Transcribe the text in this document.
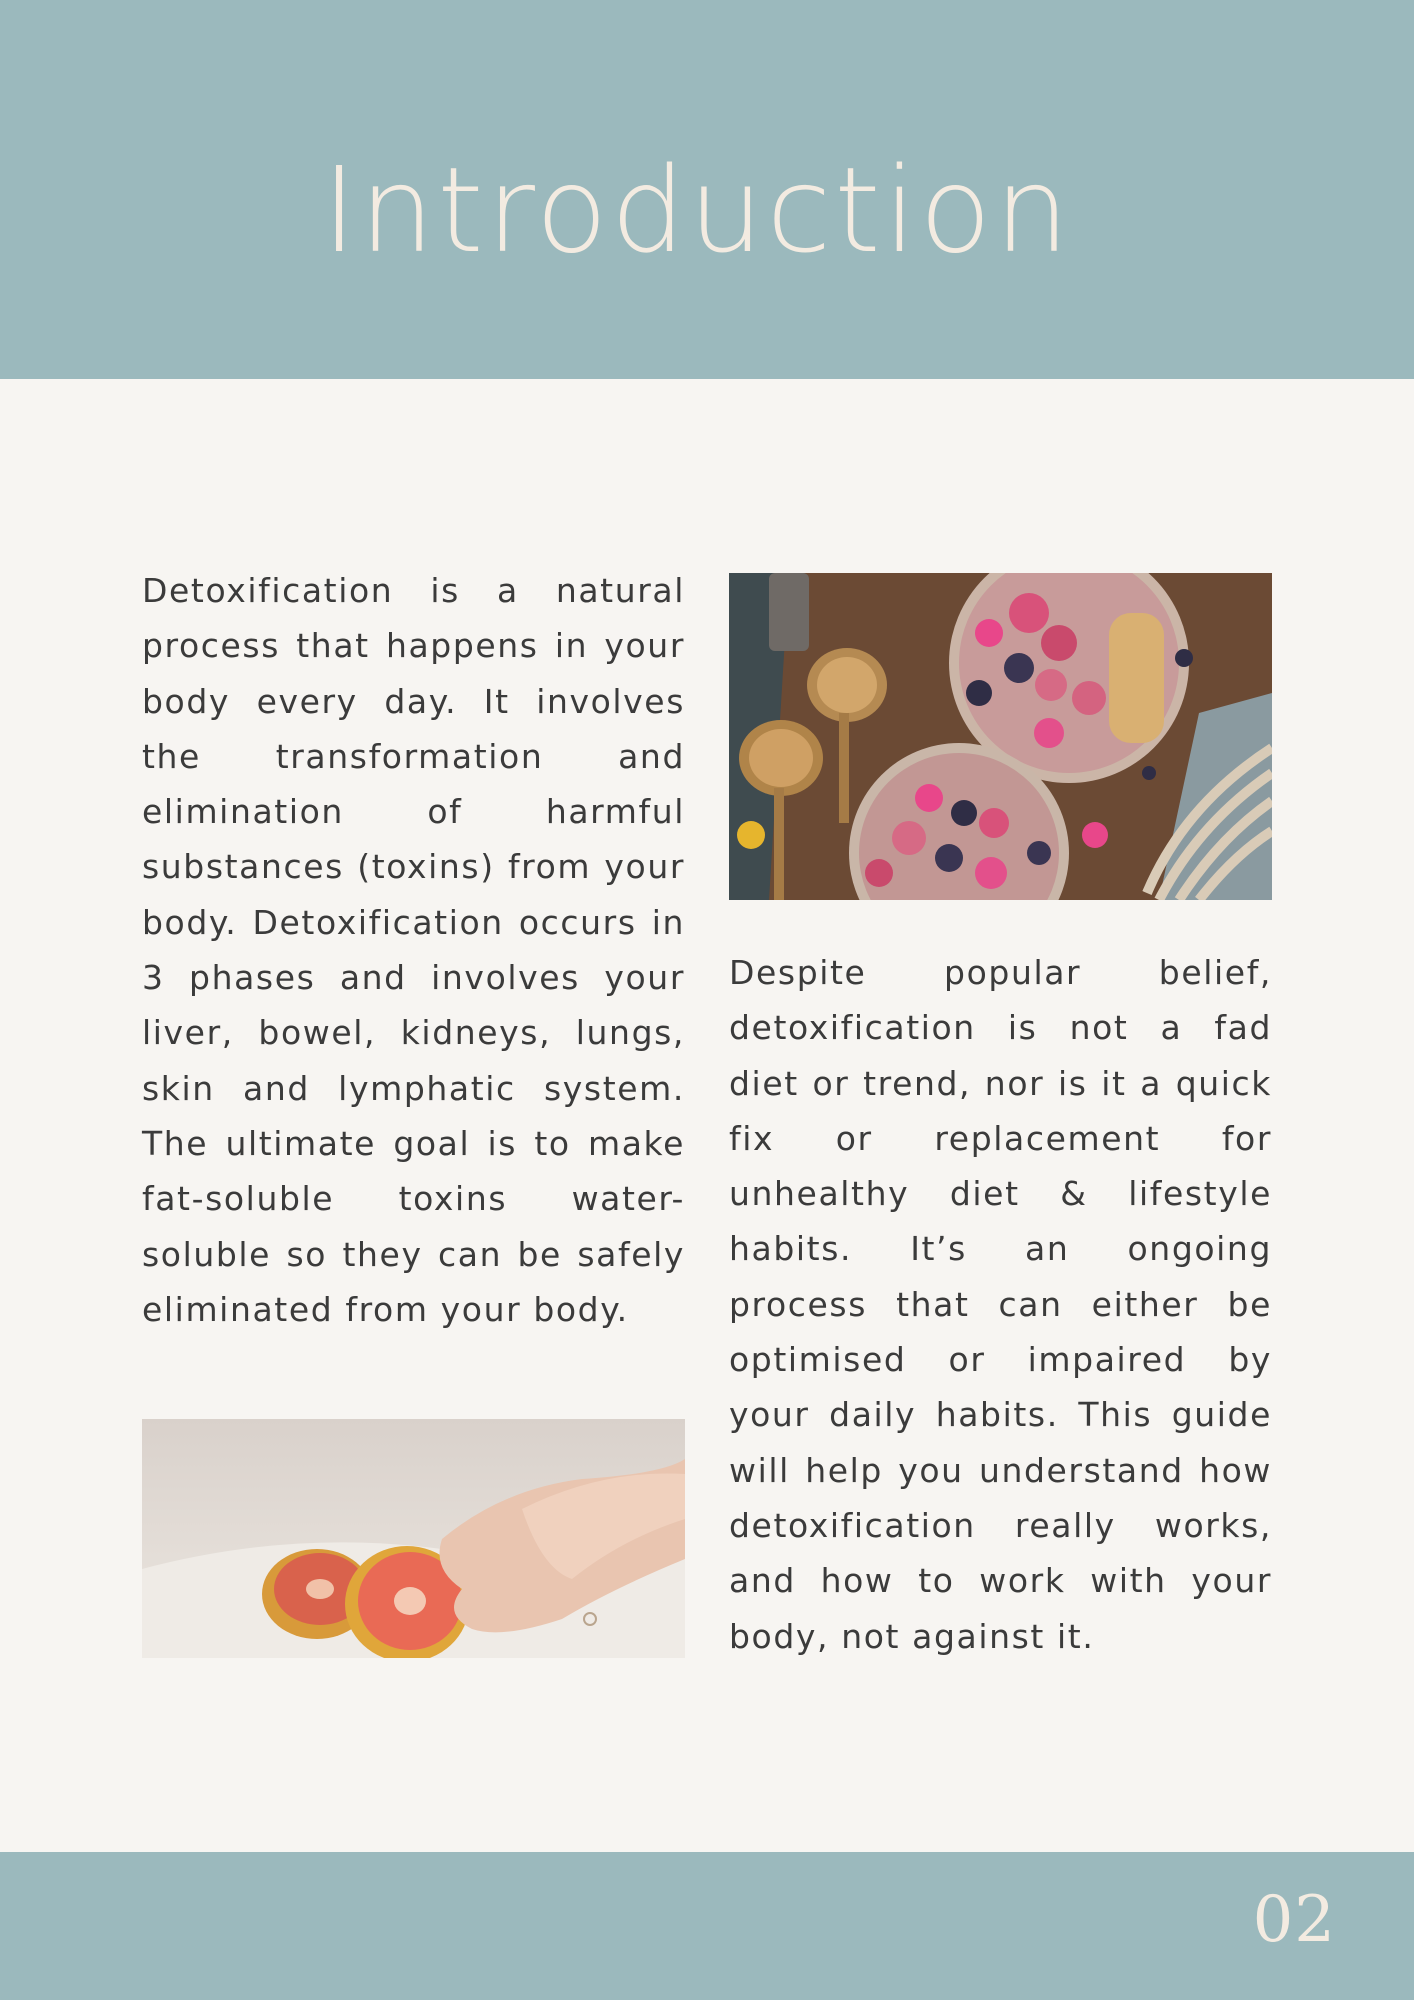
Introduction

Detoxification is a natural process that happens in your body every day. It involves the transformation and elimination of harmful substances (toxins) from your body. Detoxification occurs in 3 phases and involves your liver, bowel, kidneys, lungs, skin and lymphatic system. The ultimate goal is to make fat-soluble toxins water-soluble so they can be safely eliminated from your body.

Despite popular belief, detoxification is not a fad diet or trend, nor is it a quick fix or replacement for unhealthy diet & lifestyle habits. It’s an ongoing process that can either be optimised or impaired by your daily habits. This guide will help you understand how detoxification really works, and how to work with your body, not against it.

02
